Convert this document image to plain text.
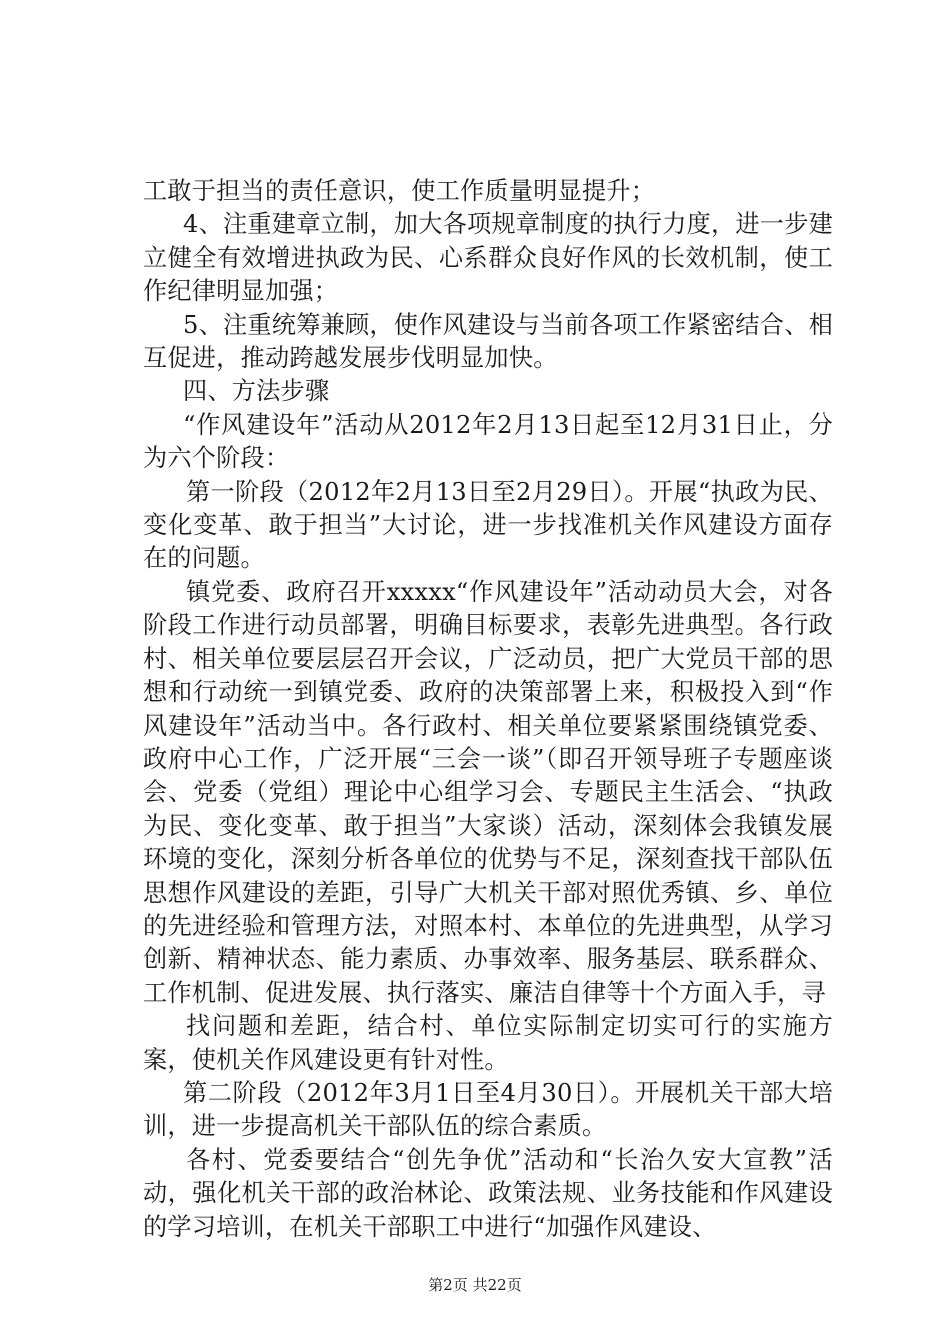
工敢于担当的责任意识，使工作质量明显提升；

4、注重建章立制，加大各项规章制度的执行力度，进一步建立健全有效增进执政为民、心系群众良好作风的长效机制，使工作纪律明显加强；

5、注重统筹兼顾，使作风建设与当前各项工作紧密结合、相互促进，推动跨越发展步伐明显加快。

四、方法步骤

“作风建设年”活动从2012年2月13日起至12月31日止，分为六个阶段：

第一阶段（2012年2月13日至2月29日）。开展“执政为民、变化变革、敢于担当”大讨论，进一步找准机关作风建设方面存在的问题。

镇党委、政府召开xxxxx“作风建设年”活动动员大会，对各阶段工作进行动员部署，明确目标要求，表彰先进典型。各行政村、相关单位要层层召开会议，广泛动员，把广大党员干部的思想和行动统一到镇党委、政府的决策部署上来，积极投入到“作风建设年”活动当中。各行政村、相关单位要紧紧围绕镇党委、政府中心工作，广泛开展“三会一谈”（即召开领导班子专题座谈会、党委（党组）理论中心组学习会、专题民主生活会、“执政为民、变化变革、敢于担当”大家谈）活动，深刻体会我镇发展环境的变化，深刻分析各单位的优势与不足，深刻查找干部队伍思想作风建设的差距，引导广大机关干部对照优秀镇、乡、单位的先进经验和管理方法，对照本村、本单位的先进典型，从学习创新、精神状态、能力素质、办事效率、服务基层、联系群众、工作机制、促进发展、执行落实、廉洁自律等十个方面入手，寻

找问题和差距，结合村、单位实际制定切实可行的实施方案，使机关作风建设更有针对性。

第二阶段（2012年3月1日至4月30日）。开展机关干部大培训，进一步提高机关干部队伍的综合素质。

各村、党委要结合“创先争优”活动和“长治久安大宣教”活动，强化机关干部的政治林论、政策法规、业务技能和作风建设的学习培训，在机关干部职工中进行“加强作风建设、

第2页 共22页
